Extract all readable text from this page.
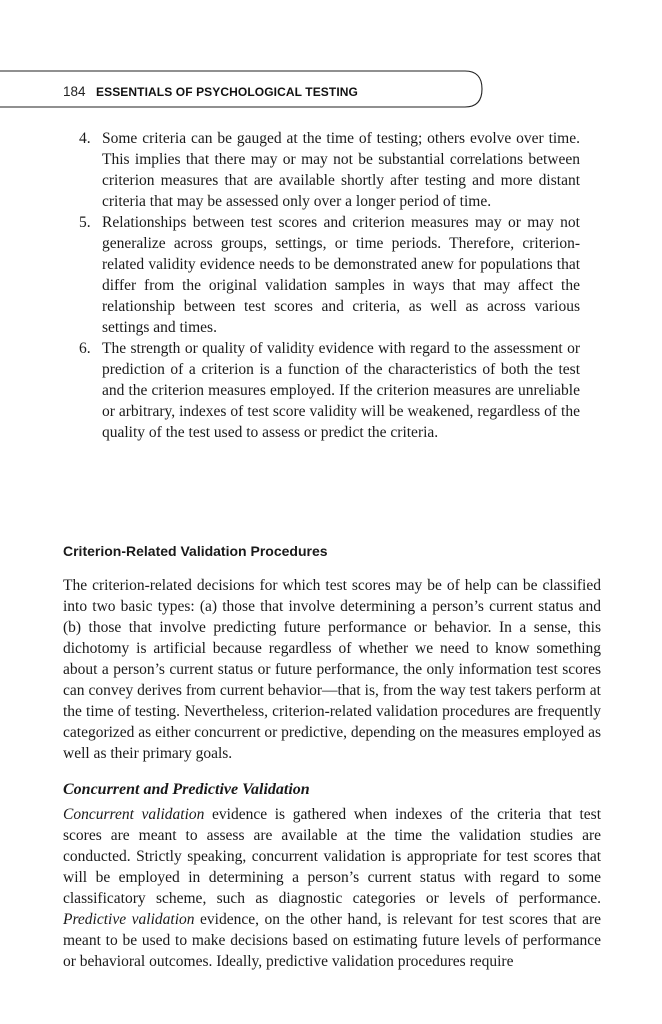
184 ESSENTIALS OF PSYCHOLOGICAL TESTING
4. Some criteria can be gauged at the time of testing; others evolve over time. This implies that there may or may not be substantial correlations between criterion measures that are available shortly after testing and more distant criteria that may be assessed only over a longer period of time.
5. Relationships between test scores and criterion measures may or may not generalize across groups, settings, or time periods. Therefore, criterion-related validity evidence needs to be demonstrated anew for populations that differ from the original validation samples in ways that may affect the relationship between test scores and criteria, as well as across various settings and times.
6. The strength or quality of validity evidence with regard to the assessment or prediction of a criterion is a function of the characteristics of both the test and the criterion measures employed. If the criterion measures are unreliable or arbitrary, indexes of test score validity will be weakened, regardless of the quality of the test used to assess or predict the criteria.
Criterion-Related Validation Procedures

The criterion-related decisions for which test scores may be of help can be classified into two basic types: (a) those that involve determining a person’s current status and (b) those that involve predicting future performance or behavior. In a sense, this dichotomy is artificial because regardless of whether we need to know something about a person’s current status or future performance, the only information test scores can convey derives from current behavior—that is, from the way test takers perform at the time of testing. Nevertheless, criterion-related validation procedures are frequently categorized as either concurrent or predictive, depending on the measures employed as well as their primary goals.

Concurrent and Predictive Validation

Concurrent validation evidence is gathered when indexes of the criteria that test scores are meant to assess are available at the time the validation studies are conducted. Strictly speaking, concurrent validation is appropriate for test scores that will be employed in determining a person’s current status with regard to some classificatory scheme, such as diagnostic categories or levels of performance. Predictive validation evidence, on the other hand, is relevant for test scores that are meant to be used to make decisions based on estimating future levels of performance or behavioral outcomes. Ideally, predictive validation procedures require
